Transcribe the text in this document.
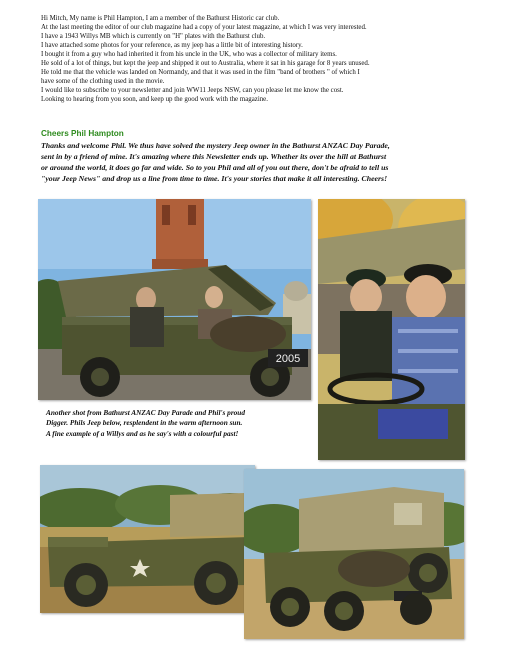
Hi Mitch, My name is Phil Hampton, I am a member of the Bathurst Historic car club.

At the last meeting the editor of our club magazine had a copy of your latest magazine, at which I was very interested.

I have a 1943 Willys MB which is currently on "H" plates with the Bathurst club.

I have attached some photos for your reference, as my jeep has a little bit of interesting history.

I bought it from a guy who had inherited it from his uncle in the UK, who was a collector of military items.

He sold of a lot of things, but kept the jeep and shipped it out to Australia, where it sat in his garage for 8 years unused.

He told me that the vehicle was landed on Normandy, and that it was used in the film "band of brothers " of which I

have some of the clothing used in the movie.

I would like to subscribe to your newsletter and join WW11 Jeeps NSW, can you please let me know the cost.

Looking to hearing from you soon, and keep up the good work with the magazine.

Cheers Phil Hampton

Thanks and welcome Phil. We thus have solved the mystery Jeep owner in the Bathurst ANZAC Day Parade,

sent in by a friend of mine. It's amazing where this Newsletter ends up. Whether its over the hill at Bathurst

or around the world, it does go far and wide. So to you Phil and all of you out there, don't be afraid to tell us

"your Jeep News" and drop us a line from time to time. It's your stories that make it all interesting. Cheers!

2005

Another shot from Bathurst ANZAC Day Parade and Phil's proud

Digger. Phils Jeep below, resplendent in the warm afternoon sun.

A fine example of a Willys and as he say's with a colourful past!
